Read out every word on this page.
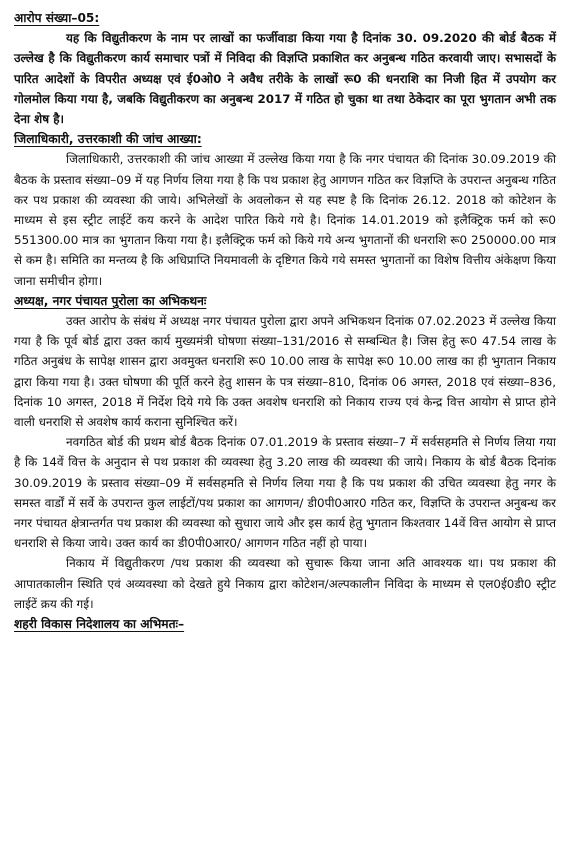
आरोप संख्या–05:

यह कि विद्युतीकरण के नाम पर लाखों का फर्जीवाडा किया गया है दिनांक 30. 09.2020 की बोर्ड बैठक में उल्लेख है कि विद्युतीकरण कार्य समाचार पत्रों में निविदा की विज्ञप्ति प्रकाशित कर अनुबन्ध गठित करवायी जाए। सभासदों के पारित आदेशों के विपरीत अध्यक्ष एवं ई0ओ0 ने अवैध तरीके के लाखों रू0 की धनराशि का निजी हित में उपयोग कर गोलमोल किया गया है, जबकि विद्युतीकरण का अनुबन्ध 2017 में गठित हो चुका था तथा ठेकेदार का पूरा भुगतान अभी तक देना शेष है।

जिलाधिकारी, उत्तरकाशी की जांच आख्या:

जिलाधिकारी, उत्तरकाशी की जांच आख्या में उल्लेख किया गया है कि नगर पंचायत की दिनांक 30.09.2019 की बैठक के प्रस्ताव संख्या–09 में यह निर्णय लिया गया है कि पथ प्रकाश हेतु आगणन गठित कर विज्ञप्ति के उपरान्त अनुबन्ध गठित कर पथ प्रकाश की व्यवस्था की जाये। अभिलेखों के अवलोकन से यह स्पष्ट है कि दिनांक 26.12. 2018 को कोटेशन के माध्यम से इस स्ट्रीट लाईटें कय करने के आदेश पारित किये गये है। दिनांक 14.01.2019 को इलैक्ट्रिक फर्म को रू0 551300.00 मात्र का भुगतान किया गया है। इलैक्ट्रिक फर्म को किये गये अन्य भुगतानों की धनराशि रू0 250000.00 मात्र से कम है। समिति का मन्तव्य है कि अधिप्राप्ति नियमावली के दृष्टिगत किये गये समस्त भुगतानों का विशेष वित्तीय अंकेक्षण किया जाना समीचीन होगा।

अध्यक्ष, नगर पंचायत पुरोला का अभिकथनः

उक्त आरोप के संबंध में अध्यक्ष नगर पंचायत पुरोला द्वारा अपने अभिकथन दिनांक 07.02.2023 में उल्लेख किया गया है कि पूर्व बोर्ड द्वारा उक्त कार्य मुख्यमंत्री घोषणा संख्या–131/2016 से सम्बन्धित है। जिस हेतु रू0 47.54 लाख के गठित अनुबंध के सापेक्ष शासन द्वारा अवमुक्त धनराशि रू0 10.00 लाख के सापेक्ष रू0 10.00 लाख का ही भुगतान निकाय द्वारा किया गया है। उक्त घोषणा की पूर्ति करने हेतु शासन के पत्र संख्या–810, दिनांक 06 अगस्त, 2018 एवं संख्या–836, दिनांक 10 अगस्त, 2018 में निर्देश दिये गये कि उक्त अवशेष धनराशि को निकाय राज्य एवं केन्द्र वित्त आयोग से प्राप्त होने वाली धनराशि से अवशेष कार्य कराना सुनिश्चित करें।

नवगठित बोर्ड की प्रथम बोर्ड बैठक दिनांक 07.01.2019 के प्रस्ताव संख्या–7 में सर्वसहमति से निर्णय लिया गया है कि 14वें वित्त के अनुदान से पथ प्रकाश की व्यवस्था हेतु 3.20 लाख की व्यवस्था की जाये। निकाय के बोर्ड बैठक दिनांक 30.09.2019 के प्रस्ताव संख्या–09 में सर्वसहमति से निर्णय लिया गया है कि पथ प्रकाश की उचित व्यवस्था हेतु नगर के समस्त वार्डों में सर्वे के उपरान्त कुल लाईटों/पथ प्रकाश का आगणन/ डी0पी0आर0 गठित कर, विज्ञप्ति के उपरान्त अनुबन्ध कर नगर पंचायत क्षेत्रान्तर्गत पथ प्रकाश की व्यवस्था को सुधारा जाये और इस कार्य हेतु भुगतान किश्तवार 14वें वित्त आयोग से प्राप्त धनराशि से किया जाये। उक्त कार्य का डी0पी0आर0/ आगणन गठित नहीं हो पाया।

निकाय में विद्युतीकरण /पथ प्रकाश की व्यवस्था को सुचारू किया जाना अति आवश्यक था। पथ प्रकाश की आपातकालीन स्थिति एवं अव्यवस्था को देखते हुये निकाय द्वारा कोटेशन/अल्पकालीन निविदा के माध्यम से एल0ई0डी0 स्ट्रीट लाईटें क्रय की गई।

शहरी विकास निदेशालय का अभिमतः–
